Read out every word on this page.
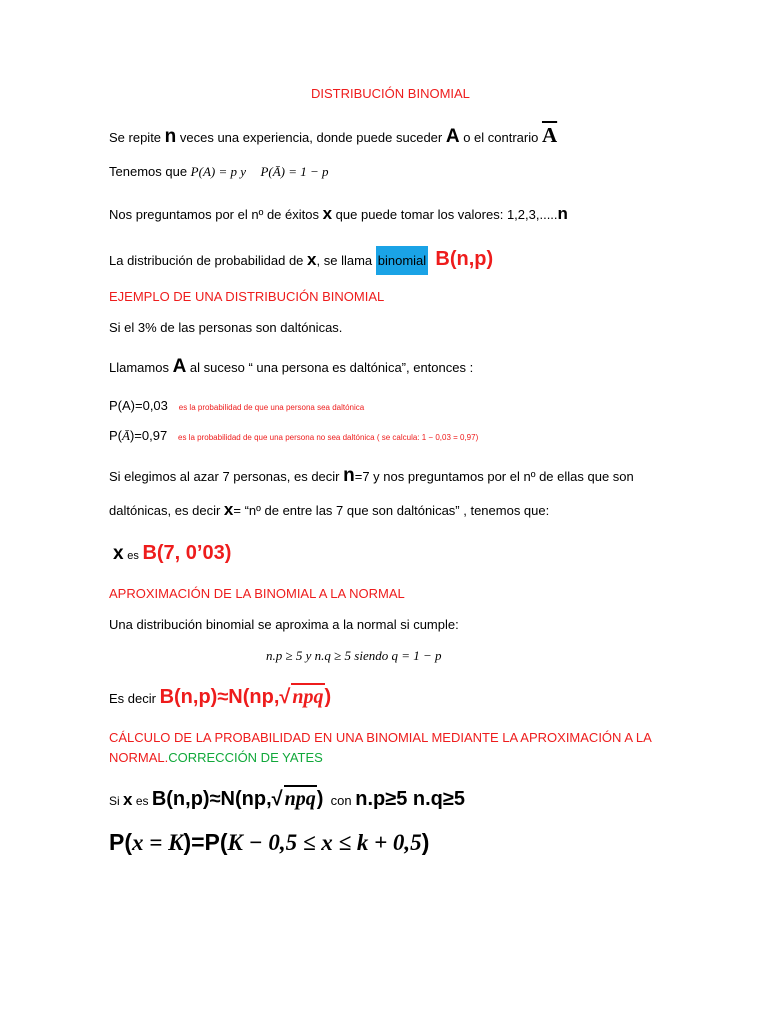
DISTRIBUCIÓN BINOMIAL
Se repite n veces una experiencia, donde puede suceder A o el contrario $\overline{A}$
Tenemos que P(A) = p y P(Ā) = 1 − p
Nos preguntamos por el nº de éxitos x que puede tomar los valores: 1,2,3,.....n
La distribución de probabilidad de x, se llama binomial B(n,p)
EJEMPLO DE UNA DISTRIBUCIÓN BINOMIAL
Si el 3% de las personas son daltónicas.
Llamamos A al suceso “ una persona es daltónica”, entonces :
P(A)=0,03 es la probabilidad de que una persona sea daltónica
P(Ā)=0,97 es la probabilidad de que una persona no sea daltónica ( se calcula: 1 − 0,03 = 0,97)
Si elegimos al azar 7 personas, es decir n=7 y nos preguntamos por el nº de ellas que son
daltónicas, es decir x= “nº de entre las 7 que son daltónicas” , tenemos que:
x es B(7, 0’03)
APROXIMACIÓN DE LA BINOMIAL A LA NORMAL
Una distribución binomial se aproxima a la normal si cumple:
n.p ≥ 5 y n.q ≥ 5 siendo q = 1 − p
Es decir B(n,p)≈N(np,√ npq)
CÁLCULO DE LA PROBABILIDAD EN UNA BINOMIAL MEDIANTE LA APROXIMACIÓN A LA
NORMAL.CORRECCIÓN DE YATES
Si x es B(n,p)≈N(np,√ npq) con n.p≥5 n.q≥5
P(x = K)=P(K − 0,5 ≤ x ≤ k + 0,5)
